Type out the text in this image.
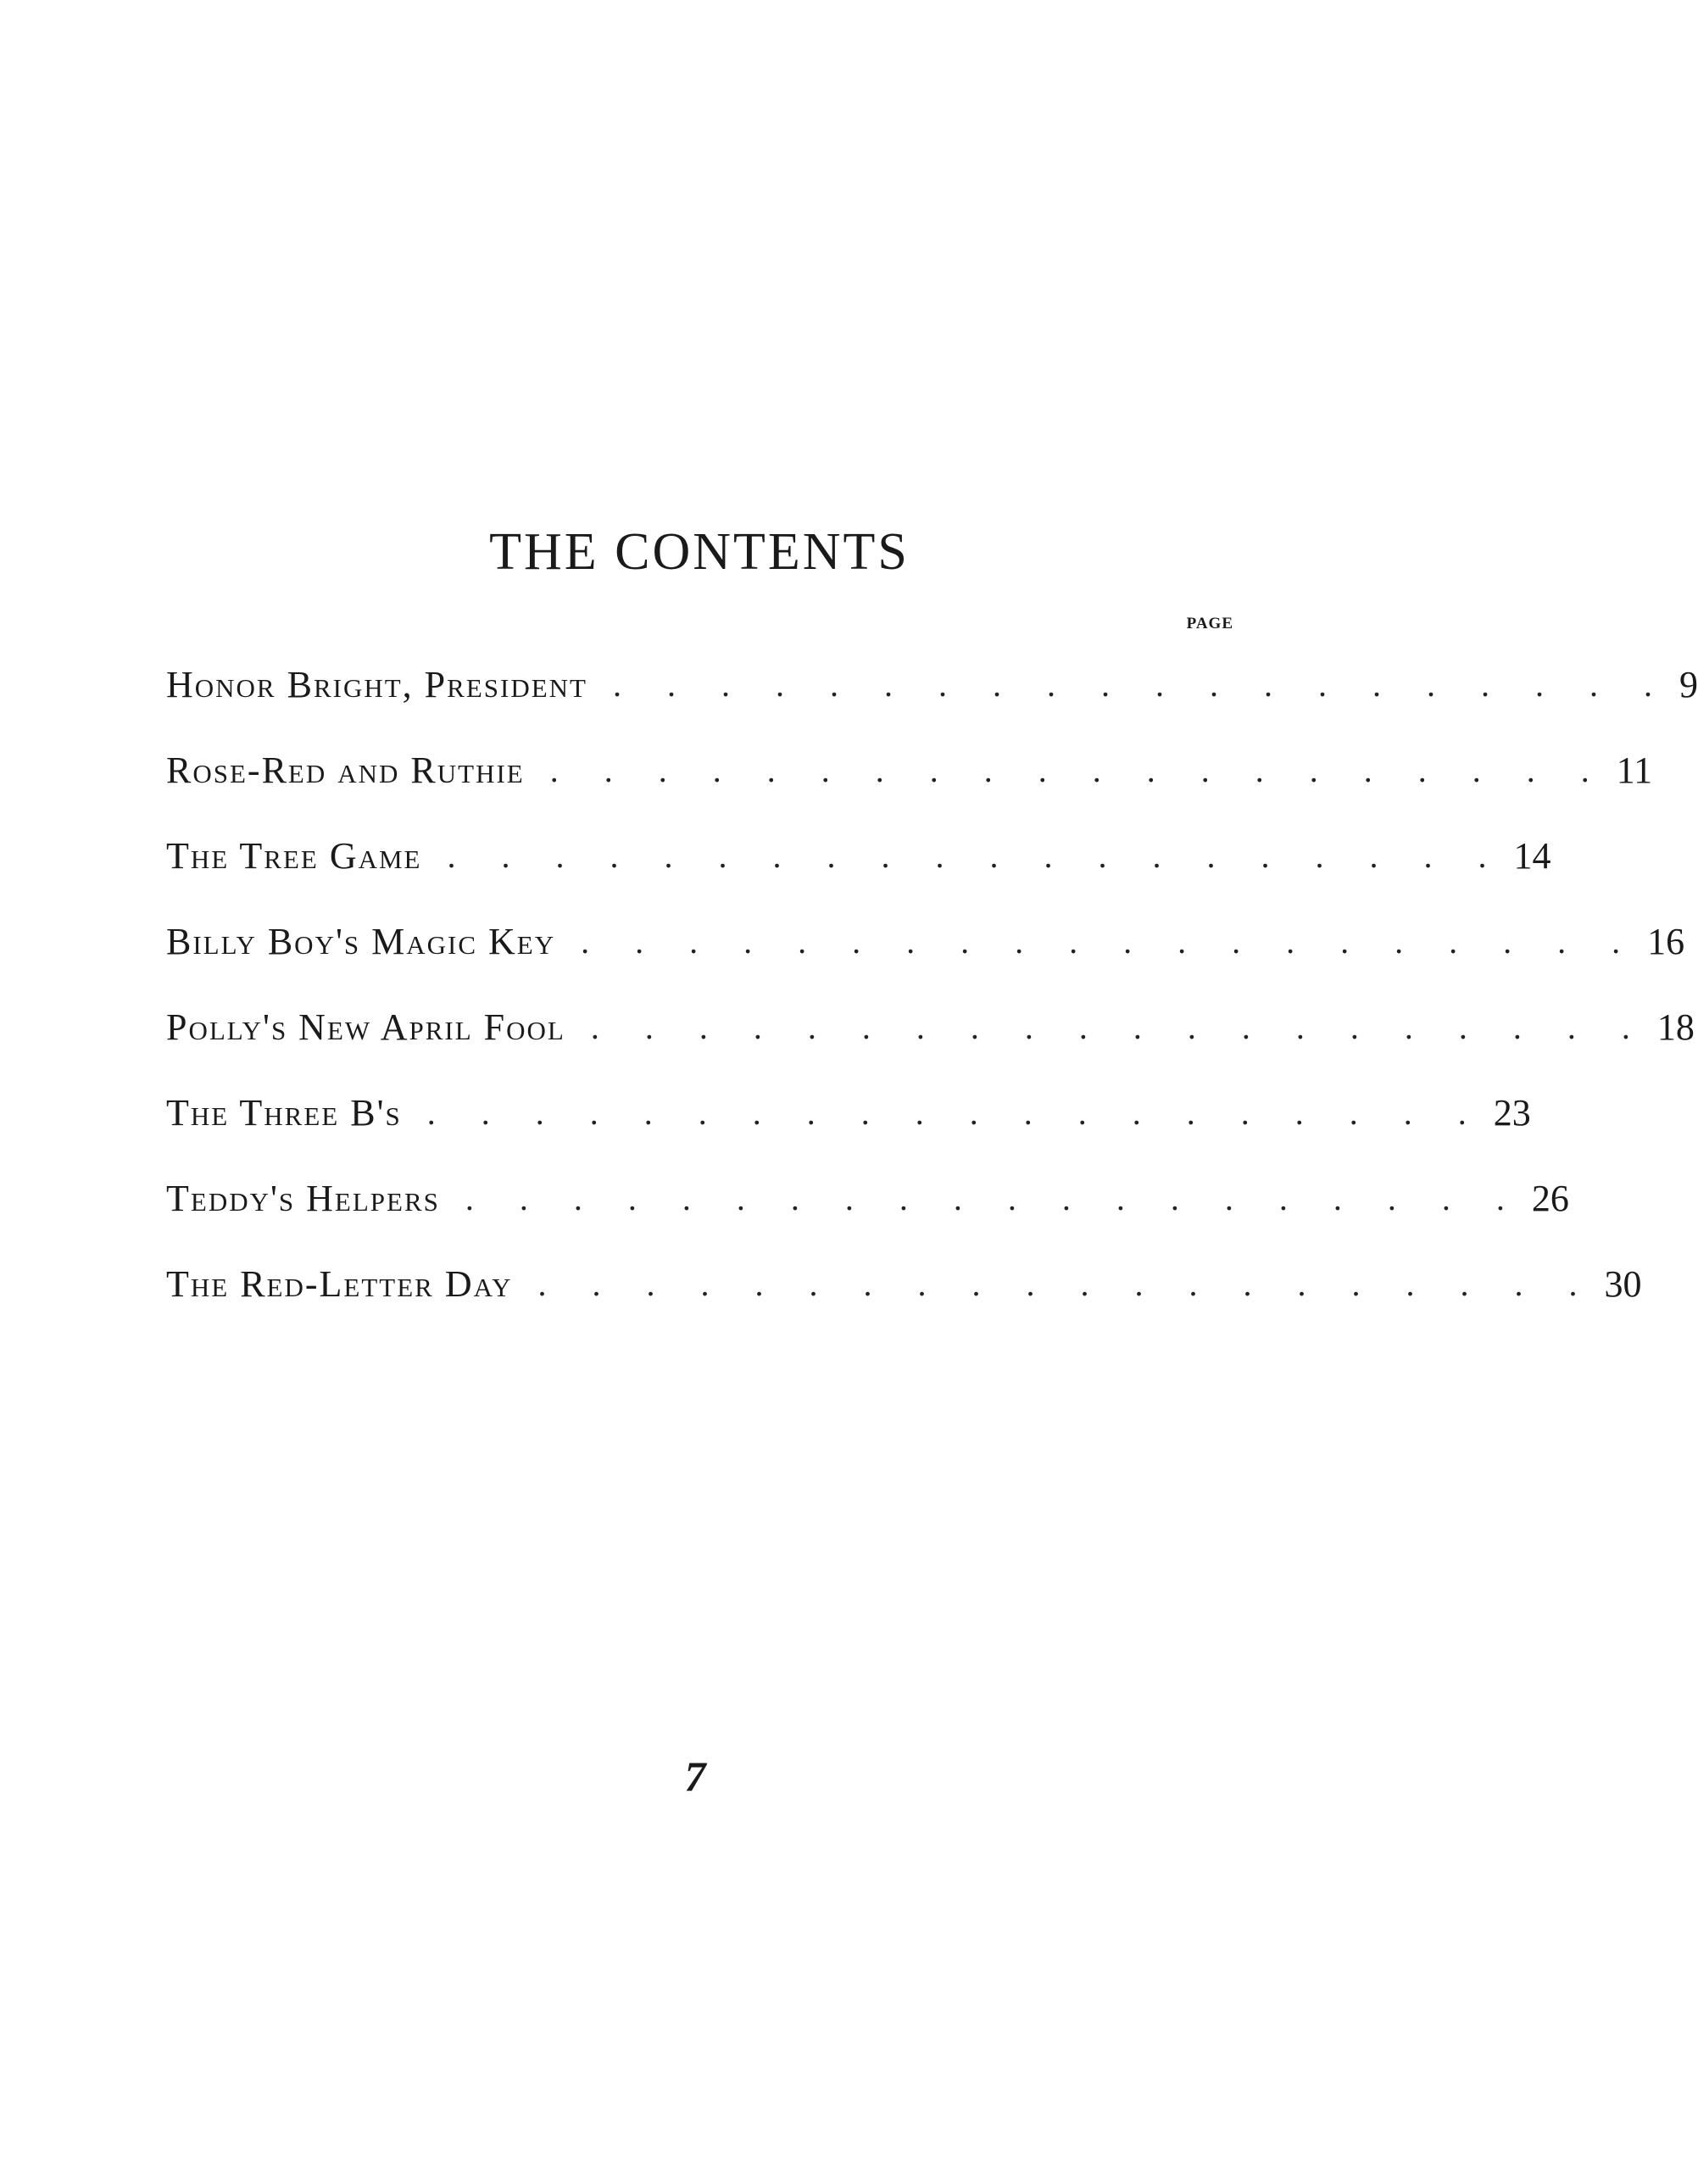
THE CONTENTS
PAGE
Honor Bright, President . . . . . . . . . . . . . . . . . . . . 9
Rose-Red and Ruthie . . . . . . . . . . . . . . . . . . . . 11
The Tree Game . . . . . . . . . . . . . . . . . . . . 14
Billy Boy's Magic Key . . . . . . . . . . . . . . . . . . . . 16
Polly's New April Fool . . . . . . . . . . . . . . . . . . . . 18
The Three B's . . . . . . . . . . . . . . . . . . . . 23
Teddy's Helpers . . . . . . . . . . . . . . . . . . . . 26
The Red-Letter Day . . . . . . . . . . . . . . . . . . . . 30
7
